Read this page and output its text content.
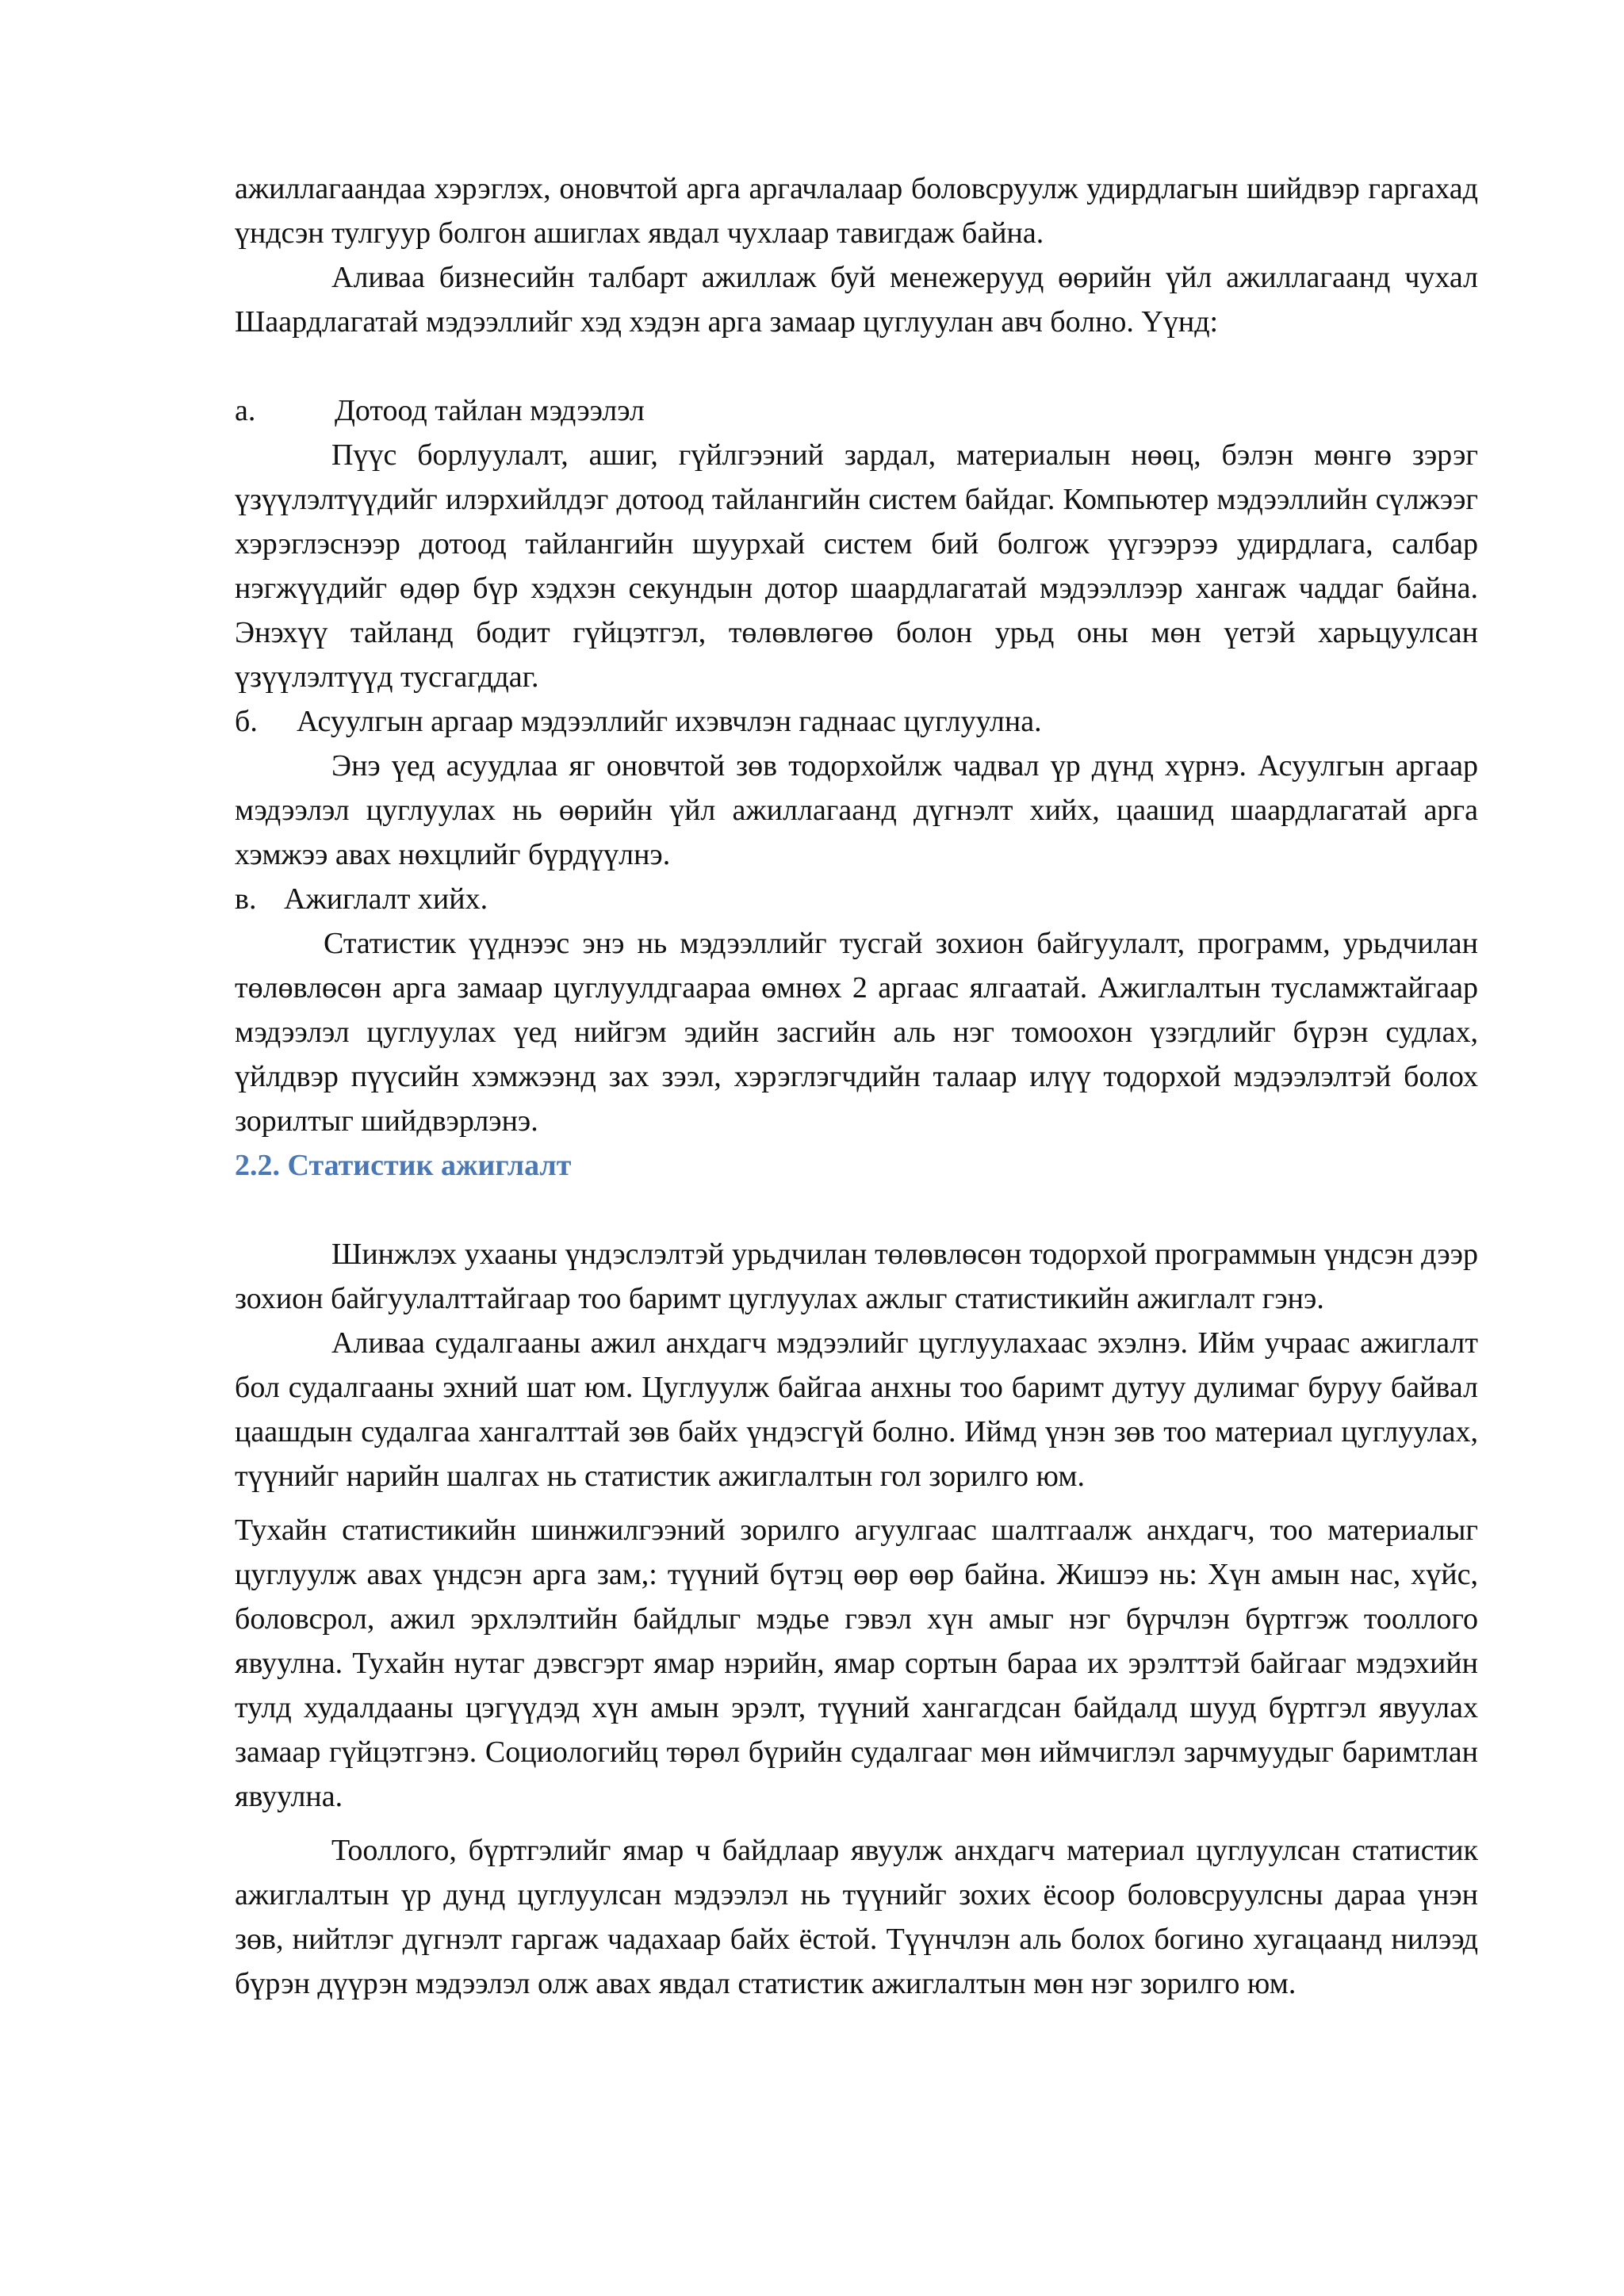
ажиллагаандаа хэрэглэх, оновчтой арга аргачлалаар боловсруулж удирдлагын шийдвэр гаргахад үндсэн тулгуур болгон ашиглах явдал чухлаар тавигдаж байна.

Аливаа бизнесийн талбарт ажиллаж буй менежерууд өөрийн үйл ажиллагаанд чухал Шаардлагатай мэдээллийг хэд хэдэн арга замаар цуглуулан авч болно. Үүнд:

а.	Дотоод тайлан мэдээлэл

Пүүс борлуулалт, ашиг, гүйлгээний зардал, материалын нөөц, бэлэн мөнгө зэрэг үзүүлэлтүүдийг илэрхийлдэг дотоод тайлангийн систем байдаг. Компьютер мэдээллийн сүлжээг хэрэглэснээр дотоод тайлангийн шуурхай систем бий болгож үүгээрээ удирдлага, салбар нэгжүүдийг өдөр бүр хэдхэн секундын дотор шаардлагатай мэдээллээр хангаж чаддаг байна. Энэхүү тайланд бодит гүйцэтгэл, төлөвлөгөө болон урьд оны мөн үетэй харьцуулсан үзүүлэлтүүд тусгагддаг.

б.	Асуулгын аргаар мэдээллийг ихэвчлэн гаднаас цуглуулна.

Энэ үед асуудлаа яг оновчтой зөв тодорхойлж чадвал үр дүнд хүрнэ. Асуулгын аргаар мэдээлэл цуглуулах нь өөрийн үйл ажиллагаанд дүгнэлт хийх, цаашид шаардлагатай арга хэмжээ авах нөхцлийг бүрдүүлнэ.

в. Ажиглалт хийх.

Статистик үүднээс энэ нь мэдээллийг тусгай зохион байгуулалт, программ, урьдчилан төлөвлөсөн арга замаар цуглуулдгаараа өмнөх 2 аргаас ялгаатай. Ажиглалтын тусламжтайгаар мэдээлэл цуглуулах үед нийгэм эдийн засгийн аль нэг томоохон үзэгдлийг бүрэн судлах, үйлдвэр пүүсийн хэмжээнд зах зээл, хэрэглэгчдийн талаар илүү тодорхой мэдээлэлтэй болох зорилтыг шийдвэрлэнэ.

2.2. Статистик ажиглалт

Шинжлэх ухааны үндэслэлтэй урьдчилан төлөвлөсөн тодорхой программын үндсэн дээр зохион байгуулалттайгаар тоо баримт цуглуулах ажлыг статистикийн ажиглалт гэнэ.

Аливаа судалгааны ажил анхдагч мэдээлийг цуглуулахаас эхэлнэ. Ийм учраас ажиглалт бол судалгааны эхний шат юм. Цуглуулж байгаа анхны тоо баримт дутуу дулимаг буруу байвал цаашдын судалгаа хангалттай зөв байх үндэсгүй болно. Иймд үнэн зөв тоо материал цуглуулах, түүнийг нарийн шалгах нь статистик ажиглалтын гол зорилго юм.

Тухайн статистикийн шинжилгээний зорилго агуулгаас шалтгаалж анхдагч, тоо материалыг цуглуулж авах үндсэн арга зам,: түүний бүтэц өөр өөр байна. Жишээ нь: Хүн амын нас, хүйс, боловсрол, ажил эрхлэлтийн байдлыг мэдье гэвэл хүн амыг нэг бүрчлэн бүртгэж тооллого явуулна. Тухайн нутаг дэвсгэрт ямар нэрийн, ямар сортын бараа их эрэлттэй байгааг мэдэхийн тулд худалдааны цэгүүдэд хүн амын эрэлт, түүний хангагдсан байдалд шууд бүртгэл явуулах замаар гүйцэтгэнэ. Социологийц төрөл бүрийн судалгааг мөн иймчиглэл зарчмуудыг баримтлан явуулна.

Тооллого, бүртгэлийг ямар ч байдлаар явуулж анхдагч материал цуглуулсан статистик ажиглалтын үр дунд цуглуулсан мэдээлэл нь түүнийг зохих ёсоор боловсруулсны дараа үнэн зөв, нийтлэг дүгнэлт гаргаж чадахаар байх ёстой. Түүнчлэн аль болох богино хугацаанд нилээд бүрэн дүүрэн мэдээлэл олж авах явдал статистик ажиглалтын мөн нэг зорилго юм.
